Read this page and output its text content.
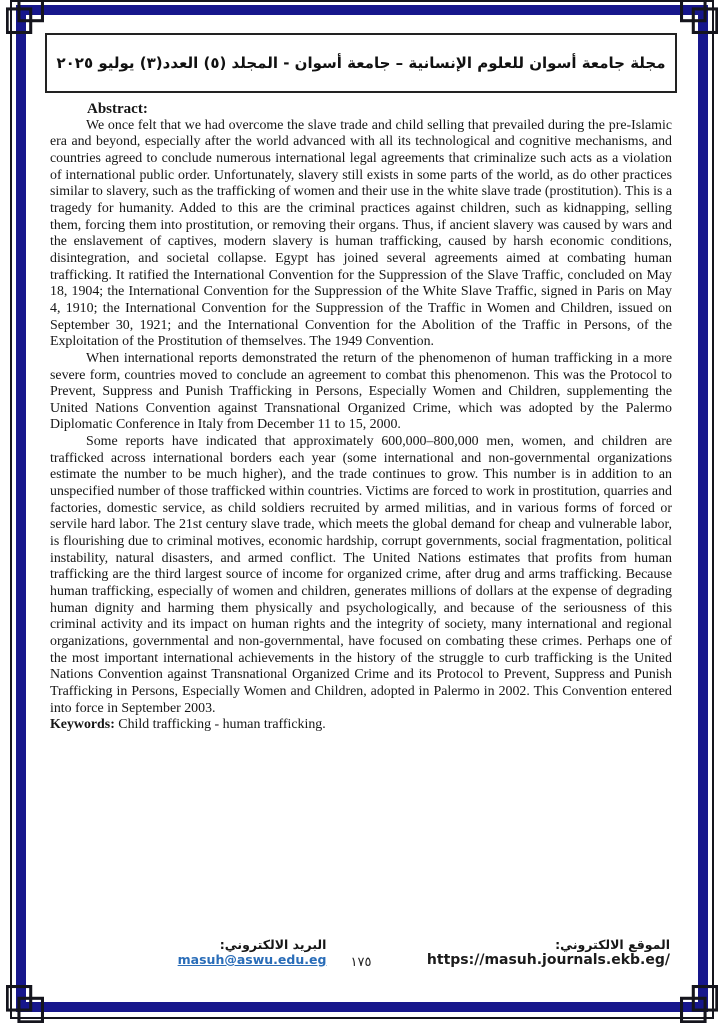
مجلة جامعة أسوان للعلوم الإنسانية – جامعة أسوان - المجلد (٥) العدد(٣) يوليو ٢٠٢٥
Abstract:

We once felt that we had overcome the slave trade and child selling that prevailed during the pre-Islamic era and beyond, especially after the world advanced with all its technological and cognitive mechanisms, and countries agreed to conclude numerous international legal agreements that criminalize such acts as a violation of international public order. Unfortunately, slavery still exists in some parts of the world, as do other practices similar to slavery, such as the trafficking of women and their use in the white slave trade (prostitution). This is a tragedy for humanity. Added to this are the criminal practices against children, such as kidnapping, selling them, forcing them into prostitution, or removing their organs. Thus, if ancient slavery was caused by wars and the enslavement of captives, modern slavery is human trafficking, caused by harsh economic conditions, disintegration, and societal collapse. Egypt has joined several agreements aimed at combating human trafficking. It ratified the International Convention for the Suppression of the Slave Traffic, concluded on May 18, 1904; the International Convention for the Suppression of the White Slave Traffic, signed in Paris on May 4, 1910; the International Convention for the Suppression of the Traffic in Women and Children, issued on September 30, 1921; and the International Convention for the Abolition of the Traffic in Persons, of the Exploitation of the Prostitution of themselves. The 1949 Convention.

When international reports demonstrated the return of the phenomenon of human trafficking in a more severe form, countries moved to conclude an agreement to combat this phenomenon. This was the Protocol to Prevent, Suppress and Punish Trafficking in Persons, Especially Women and Children, supplementing the United Nations Convention against Transnational Organized Crime, which was adopted by the Palermo Diplomatic Conference in Italy from December 11 to 15, 2000.

Some reports have indicated that approximately 600,000–800,000 men, women, and children are trafficked across international borders each year (some international and non-governmental organizations estimate the number to be much higher), and the trade continues to grow. This number is in addition to an unspecified number of those trafficked within countries. Victims are forced to work in prostitution, quarries and factories, domestic service, as child soldiers recruited by armed militias, and in various forms of forced or servile hard labor. The 21st century slave trade, which meets the global demand for cheap and vulnerable labor, is flourishing due to criminal motives, economic hardship, corrupt governments, social fragmentation, political instability, natural disasters, and armed conflict. The United Nations estimates that profits from human trafficking are the third largest source of income for organized crime, after drug and arms trafficking. Because human trafficking, especially of women and children, generates millions of dollars at the expense of degrading human dignity and harming them physically and psychologically, and because of the seriousness of this criminal activity and its impact on human rights and the integrity of society, many international and regional organizations, governmental and non-governmental, have focused on combating these crimes. Perhaps one of the most important international achievements in the history of the struggle to curb trafficking is the United Nations Convention against Transnational Organized Crime and its Protocol to Prevent, Suppress and Punish Trafficking in Persons, Especially Women and Children, adopted in Palermo in 2002. This Convention entered into force in September 2003.

Keywords: Child trafficking - human trafficking.

الموقع الالكتروني: https://masuh.journals.ekb.eg/
البريد الالكتروني: masuh@aswu.edu.eg	١٧٥
